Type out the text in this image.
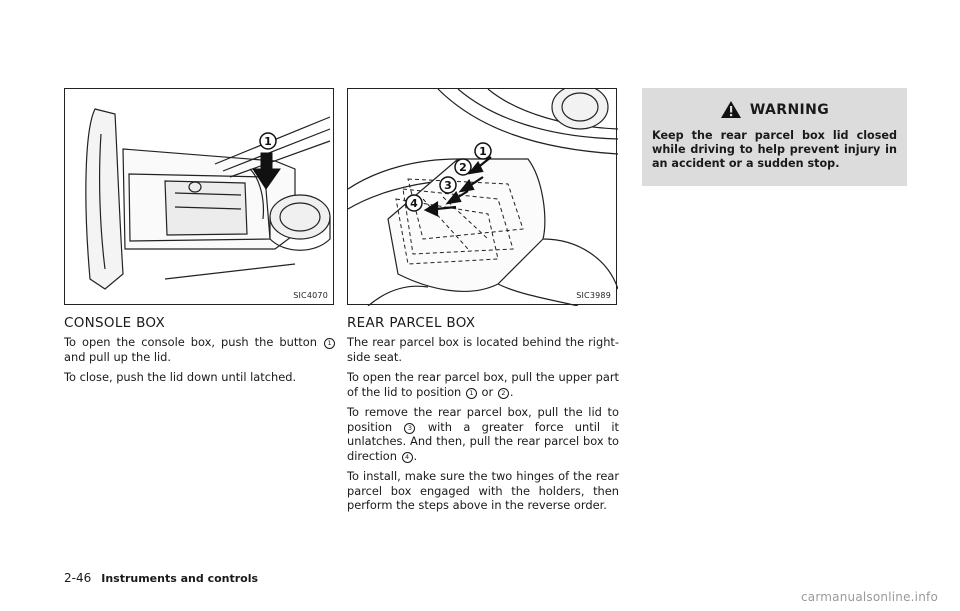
1
SIC4070
CONSOLE BOX

To open the console box, push the button 1 and pull up the lid.

To close, push the lid down until latched.

1
2
3
4
SIC3989
REAR PARCEL BOX

The rear parcel box is located behind the right-side seat.

To open the rear parcel box, pull the upper part of the lid to position 1 or 2 .

To remove the rear parcel box, pull the lid to position 3 with a greater force until it unlatches. And then, pull the rear parcel box to direction 4 .

To install, make sure the two hinges of the rear parcel box engaged with the holders, then perform the steps above in the reverse order.

WARNING
Keep the rear parcel box lid closed while driving to help prevent injury in an accident or a sudden stop.
2-46 Instruments and controls
carmanualsonline.info
